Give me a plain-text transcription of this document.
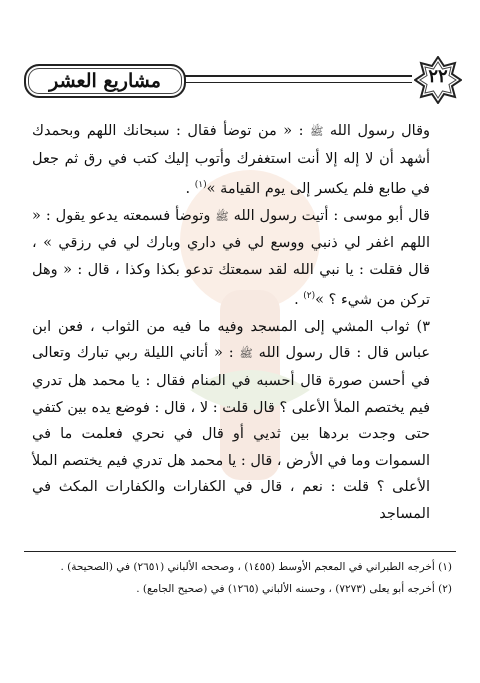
مشاريع العشر	٢٢

وقال رسول الله ﷺ : « من توضأ فقال : سبحانك اللهم وبحمدك أشهد أن لا إله إلا أنت استغفرك وأتوب إليك كتب في رق ثم جعل في طابع فلم يكسر إلى يوم القيامة »$^{(١)}$ .

قال أبو موسى : أتيت رسول الله ﷺ وتوضأ فسمعته يدعو يقول : « اللهم اغفر لي ذنبي ووسع لي في داري وبارك لي في رزقي » ، قال فقلت : يا نبي الله لقد سمعتك تدعو بكذا وكذا ، قال : « وهل تركن من شيء ؟ »$^{(٢)}$ .

٣) ثواب المشي إلى المسجد وفيه ما فيه من الثواب ، فعن ابن عباس قال : قال رسول الله ﷺ : « أتاني الليلة ربي تبارك وتعالى في أحسن صورة قال أحسبه في المنام فقال : يا محمد هل تدري فيم يختصم الملأ الأعلى ؟ قال قلت : لا ، قال : فوضع يده بين كتفي حتى وجدت بردها بين ثديي أو قال في نحري فعلمت ما في السموات وما في الأرض ، قال : يا محمد هل تدري فيم يختصم الملأ الأعلى ؟ قلت : نعم ، قال في الكفارات والكفارات المكث في المساجد

(١) أخرجه الطبراني في المعجم الأوسط (١٤٥٥) ، وصححه الألباني (٢٦٥١) في (الصحيحة) .

(٢) أخرجه أبو يعلى (٧٢٧٣) ، وحسنه الألباني (١٢٦٥) في (صحيح الجامع) .
